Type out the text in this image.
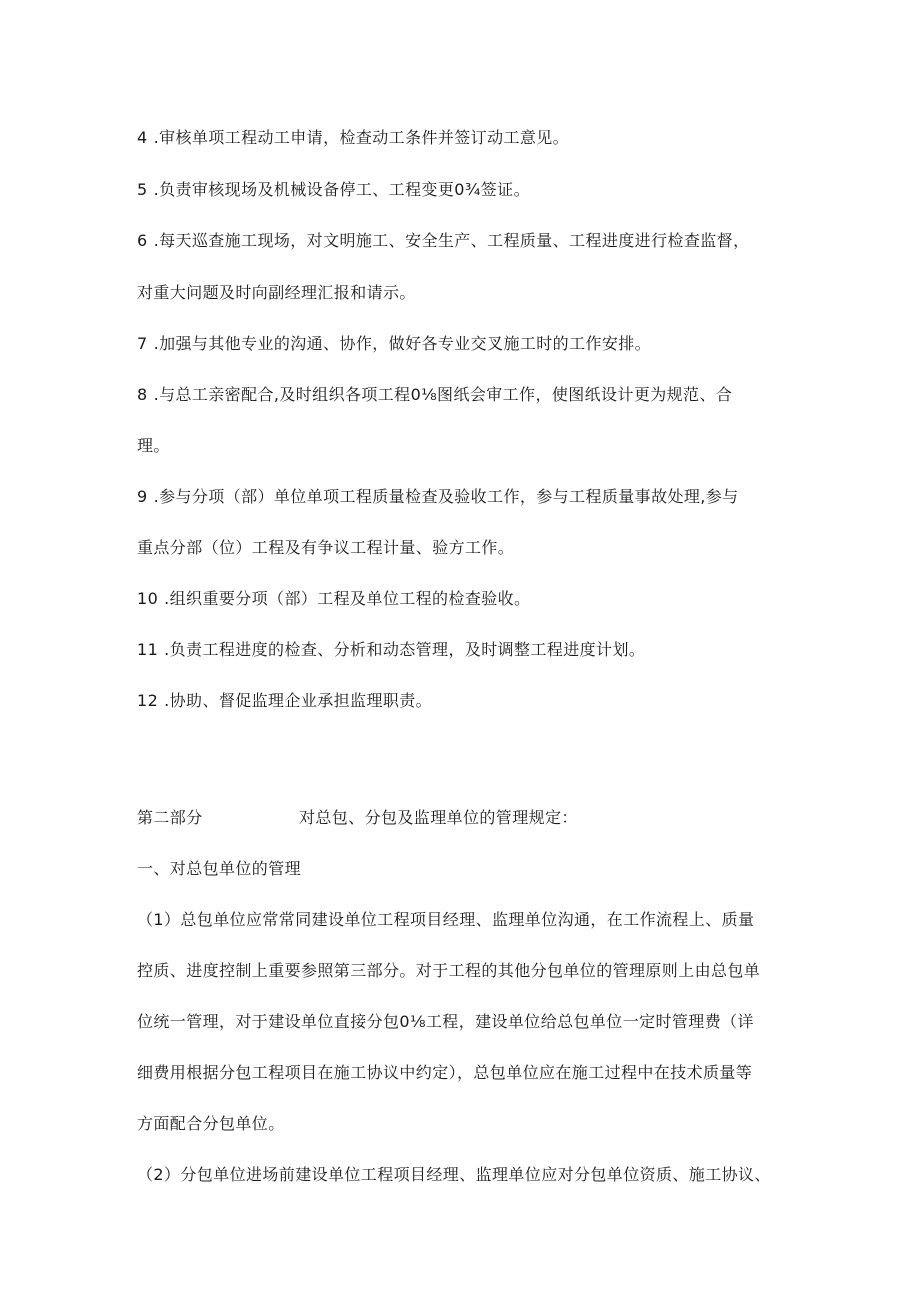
4 .审核单项工程动工申请，检查动工条件并签订动工意见。
5 .负责审核现场及机械设备停工、工程变更0¾签证。
6 .每天巡查施工现场，对文明施工、安全生产、工程质量、工程进度进行检查监督，
对重大问题及时向副经理汇报和请示。
7 .加强与其他专业的沟通、协作，做好各专业交叉施工时的工作安排。
8 .与总工亲密配合,及时组织各项工程0⅛图纸会审工作，使图纸设计更为规范、合
理。
9 .参与分项（部）单位单项工程质量检查及验收工作，参与工程质量事故处理,参与
重点分部（位）工程及有争议工程计量、验方工作。
10 .组织重要分项（部）工程及单位工程的检查验收。
11 .负责工程进度的检查、分析和动态管理，及时调整工程进度计划。
12 .协助、督促监理企业承担监理职责。
第二部分	对总包、分包及监理单位的管理规定：
一、对总包单位的管理
（1）总包单位应常常同建设单位工程项目经理、监理单位沟通，在工作流程上、质量
控质、进度控制上重要参照第三部分。对于工程的其他分包单位的管理原则上由总包单
位统一管理，对于建设单位直接分包0⅛工程，建设单位给总包单位一定时管理费（详
细费用根据分包工程项目在施工协议中约定），总包单位应在施工过程中在技术质量等
方面配合分包单位。
（2）分包单位进场前建设单位工程项目经理、监理单位应对分包单位资质、施工协议、
